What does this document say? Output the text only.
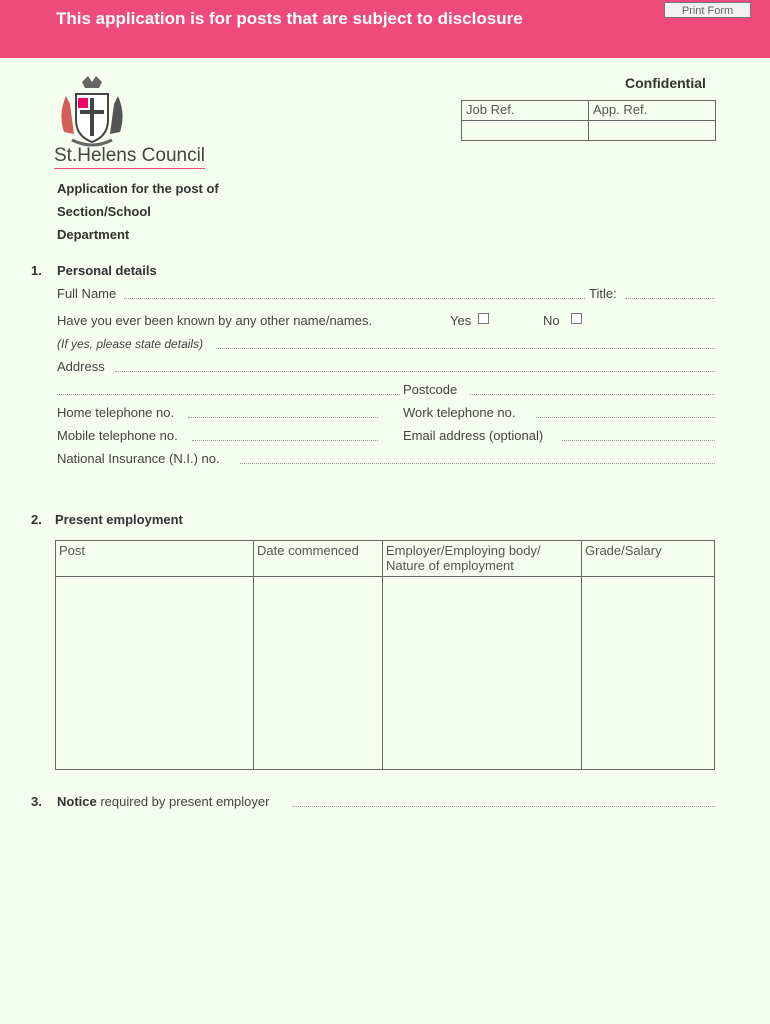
This application is for posts that are subject to disclosure	Print Form
St.Helens Council
Confidential
Job Ref.	App. Ref.

Application for the post of
Section/School
Department
1. Personal details
Full Name	Title:
Have you ever been known by any other name/names.	Yes	No
(If yes, please state details)
Address
Postcode
Home telephone no.	Work telephone no.
Mobile telephone no.	Email address (optional)
National Insurance (N.I.) no.
2. Present employment
Post	Date commenced	Employer/Employing body/ Nature of employment	Grade/Salary

3. Notice required by present employer
